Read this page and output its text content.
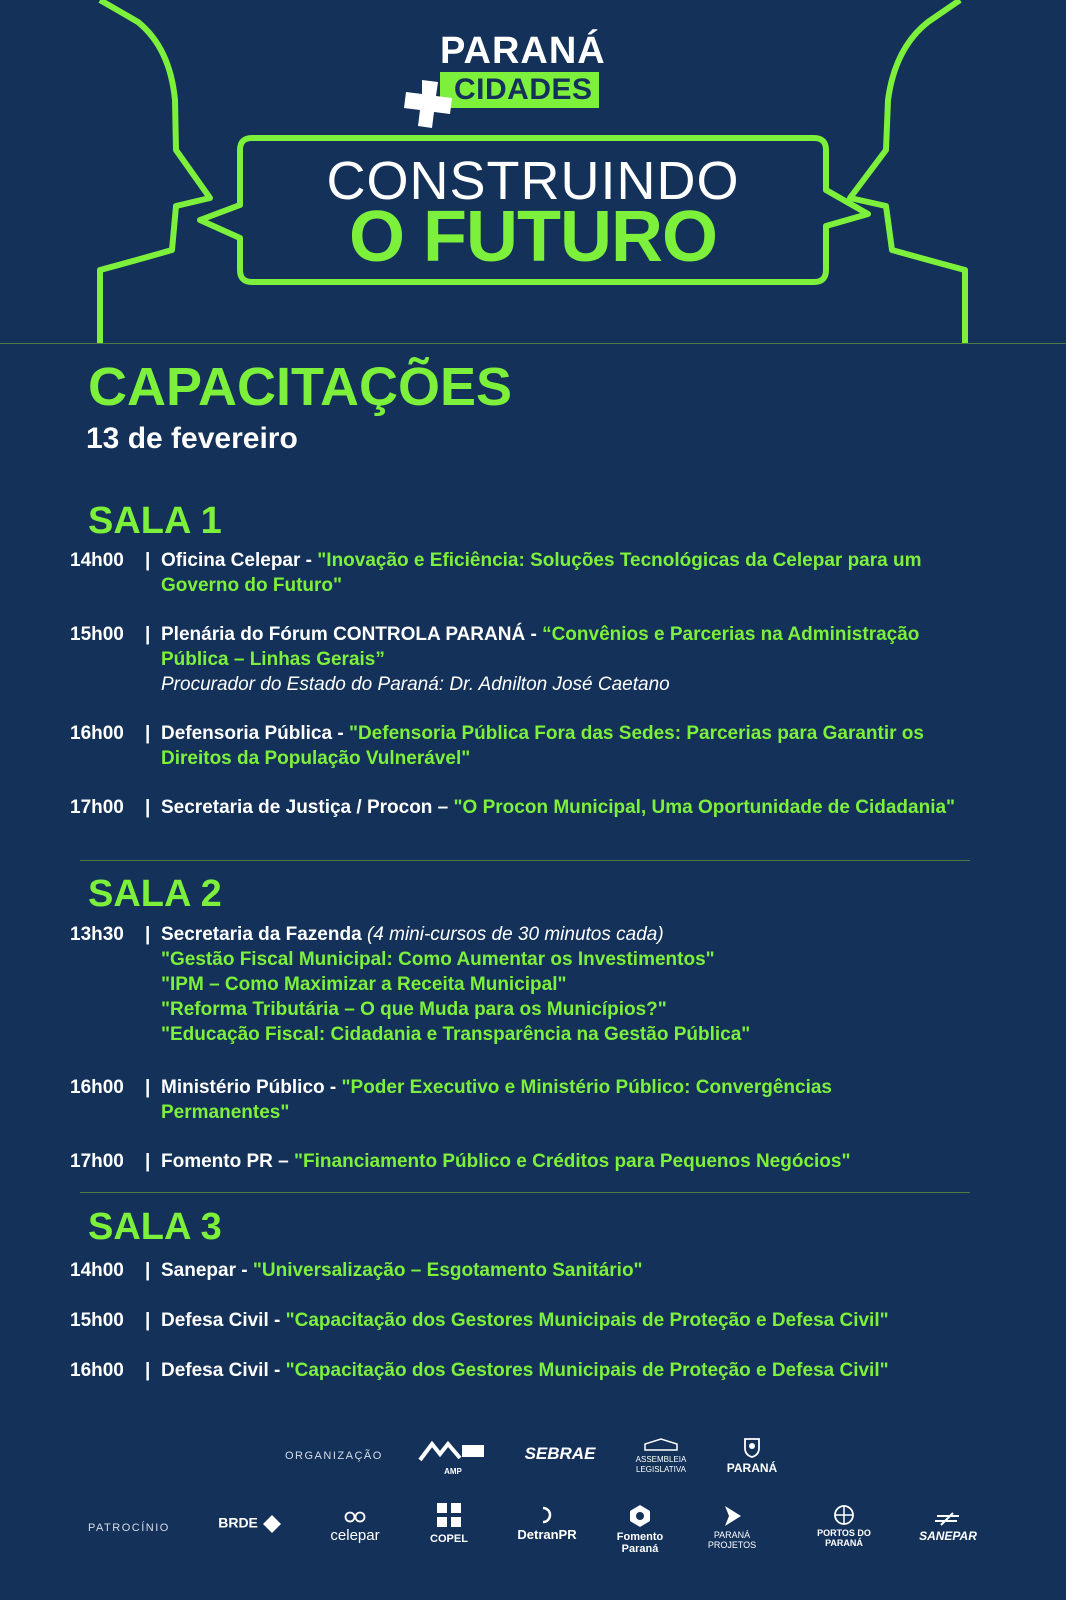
PARANÁ
CIDADES
CONSTRUINDO
O FUTURO
CAPACITAÇÕES
13 de fevereiro
SALA 1
14h00	| Oficina Celepar - "Inovação e Eficiência: Soluções Tecnológicas da Celepar para um Governo do Futuro"
15h00	| Plenária do Fórum CONTROLA PARANÁ - “Convênios e Parcerias na Administração Pública – Linhas Gerais”
Procurador do Estado do Paraná: Dr. Adnilton José Caetano
16h00	| Defensoria Pública - "Defensoria Pública Fora das Sedes: Parcerias para Garantir os Direitos da População Vulnerável"
17h00	| Secretaria de Justiça / Procon – "O Procon Municipal, Uma Oportunidade de Cidadania"
SALA 2
13h30	| Secretaria da Fazenda (4 mini-cursos de 30 minutos cada)
"Gestão Fiscal Municipal: Como Aumentar os Investimentos"
"IPM – Como Maximizar a Receita Municipal"
"Reforma Tributária – O que Muda para os Municípios?"
"Educação Fiscal: Cidadania e Transparência na Gestão Pública"
16h00	| Ministério Público - "Poder Executivo e Ministério Público: Convergências Permanentes"
17h00	| Fomento PR – "Financiamento Público e Créditos para Pequenos Negócios"
SALA 3
14h00	| Sanepar - "Universalização – Esgotamento Sanitário"
15h00	| Defesa Civil - "Capacitação dos Gestores Municipais de Proteção e Defesa Civil"
16h00	| Defesa Civil - "Capacitação dos Gestores Municipais de Proteção e Defesa Civil"
ORGANIZAÇÃO
AMP
SEBRAE	ASSEMBLEIA LEGISLATIVA	PARANÁ
PATROCÍNIO	BRDE
celepar	COPEL	DetranPR	Fomento Paraná
PARANÁ PROJETOS
PORTOS DO PARANÁ	SANEPAR
